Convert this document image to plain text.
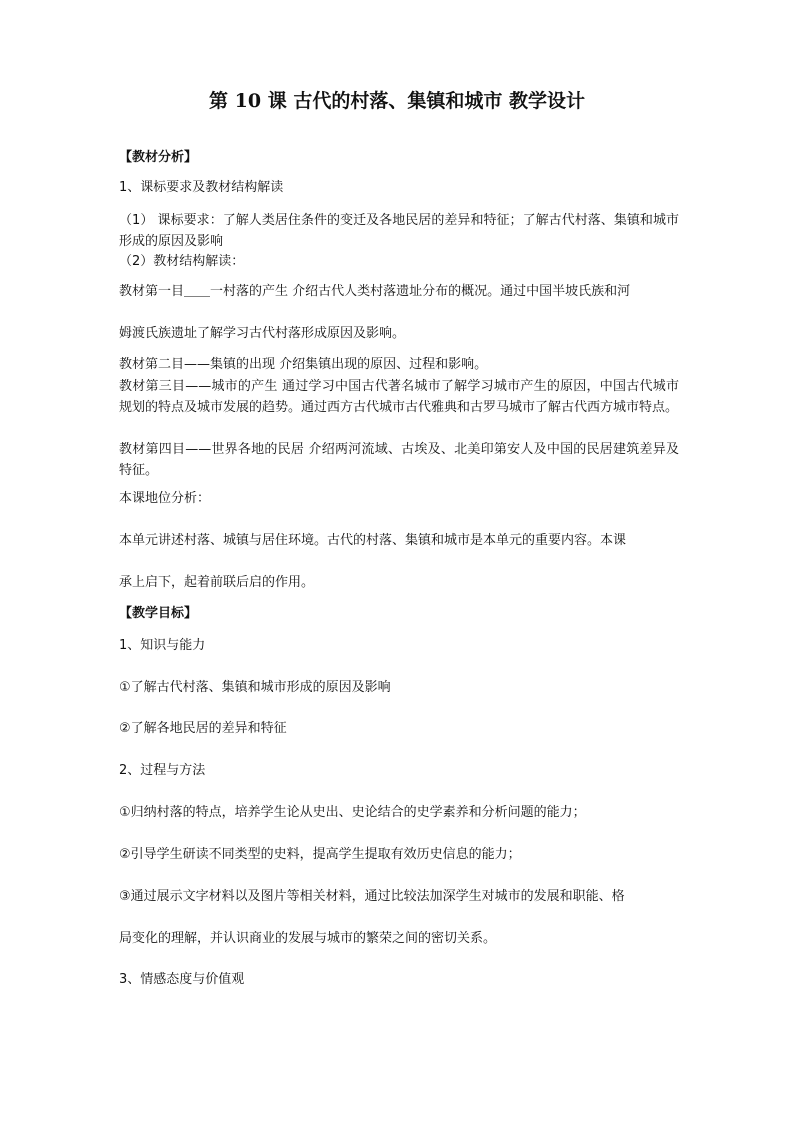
第 10 课 古代的村落、集镇和城市 教学设计
【教材分析】
1、课标要求及教材结构解读
（1） 课标要求：了解人类居住条件的变迁及各地民居的差异和特征；了解古代村落、集镇和城市形成的原因及影响
（2）教材结构解读：
教材第一目＿＿一村落的产生 介绍古代人类村落遗址分布的概况。通过中国半坡氏族和河
姆渡氏族遗址了解学习古代村落形成原因及影响。
教材第二目——集镇的出现 介绍集镇出现的原因、过程和影响。
教材第三目——城市的产生 通过学习中国古代著名城市了解学习城市产生的原因，中国古代城市规划的特点及城市发展的趋势。通过西方古代城市古代雅典和古罗马城市了解古代西方城市特点。
教材第四目——世界各地的民居 介绍两河流域、古埃及、北美印第安人及中国的民居建筑差异及特征。
本课地位分析：
本单元讲述村落、城镇与居住环境。古代的村落、集镇和城市是本单元的重要内容。本课
承上启下，起着前联后启的作用。
【教学目标】
1、知识与能力
①了解古代村落、集镇和城市形成的原因及影响
②了解各地民居的差异和特征
2、过程与方法
①归纳村落的特点，培养学生论从史出、史论结合的史学素养和分析问题的能力；
②引导学生研读不同类型的史料，提高学生提取有效历史信息的能力；
③通过展示文字材料以及图片等相关材料，通过比较法加深学生对城市的发展和职能、格
局变化的理解，并认识商业的发展与城市的繁荣之间的密切关系。
3、情感态度与价值观
